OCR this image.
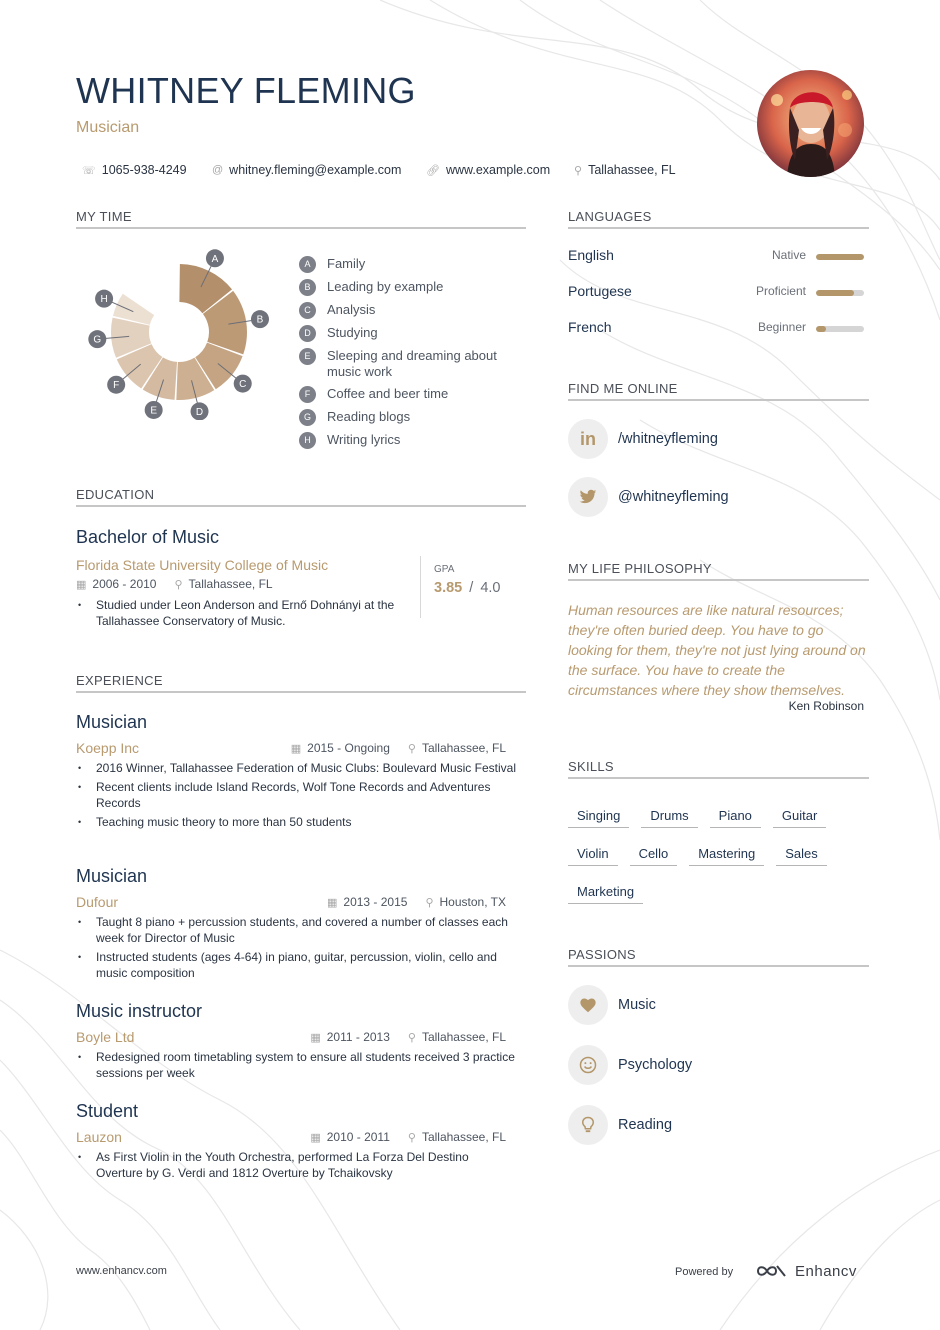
WHITNEY FLEMING
Musician
☏ 1065-938-4249 @ whitney.fleming@example.com 🔗︎ www.example.com ⚲ Tallahassee, FL
MY TIME
A
B
C
D
E
F
G
H
A	Family
B	Leading by example
C	Analysis
D	Studying
E	Sleeping and dreaming about music work
F	Coffee and beer time
G	Reading blogs
H	Writing lyrics
EDUCATION
Bachelor of Music
Florida State University College of Music
▦ 2006 - 2010 ⚲ Tallahassee, FL
GPA
3.85 / 4.0
• Studied under Leon Anderson and Ernő Dohnányi at the Tallahassee Conservatory of Music.
EXPERIENCE
Musician
Koepp Inc	▦ 2015 - Ongoing ⚲ Tallahassee, FL
• 2016 Winner, Tallahassee Federation of Music Clubs: Boulevard Music Festival
• Recent clients include Island Records, Wolf Tone Records and Adventures Records
• Teaching music theory to more than 50 students
Musician
Dufour	▦ 2013 - 2015 ⚲ Houston, TX
• Taught 8 piano + percussion students, and covered a number of classes each week for Director of Music
• Instructed students (ages 4-64) in piano, guitar, percussion, violin, cello and music composition
Music instructor
Boyle Ltd	▦ 2011 - 2013 ⚲ Tallahassee, FL
• Redesigned room timetabling system to ensure all students received 3 practice sessions per week
Student
Lauzon	▦ 2010 - 2011 ⚲ Tallahassee, FL
• As First Violin in the Youth Orchestra, performed La Forza Del Destino Overture by G. Verdi and 1812 Overture by Tchaikovsky
LANGUAGES
English	Native
Portugese	Proficient
French	Beginner
FIND ME ONLINE
in	/whitneyfleming
@whitneyfleming
MY LIFE PHILOSOPHY
Human resources are like natural resources; they're often buried deep. You have to go looking for them, they're not just lying around on the surface. You have to create the circumstances where they show themselves.
Ken Robinson
SKILLS
Singing	Drums	Piano	Guitar
Violin	Cello	Mastering	Sales
Marketing
PASSIONS
Music
Psychology
Reading
www.enhancv.com	Powered by	Enhancv
